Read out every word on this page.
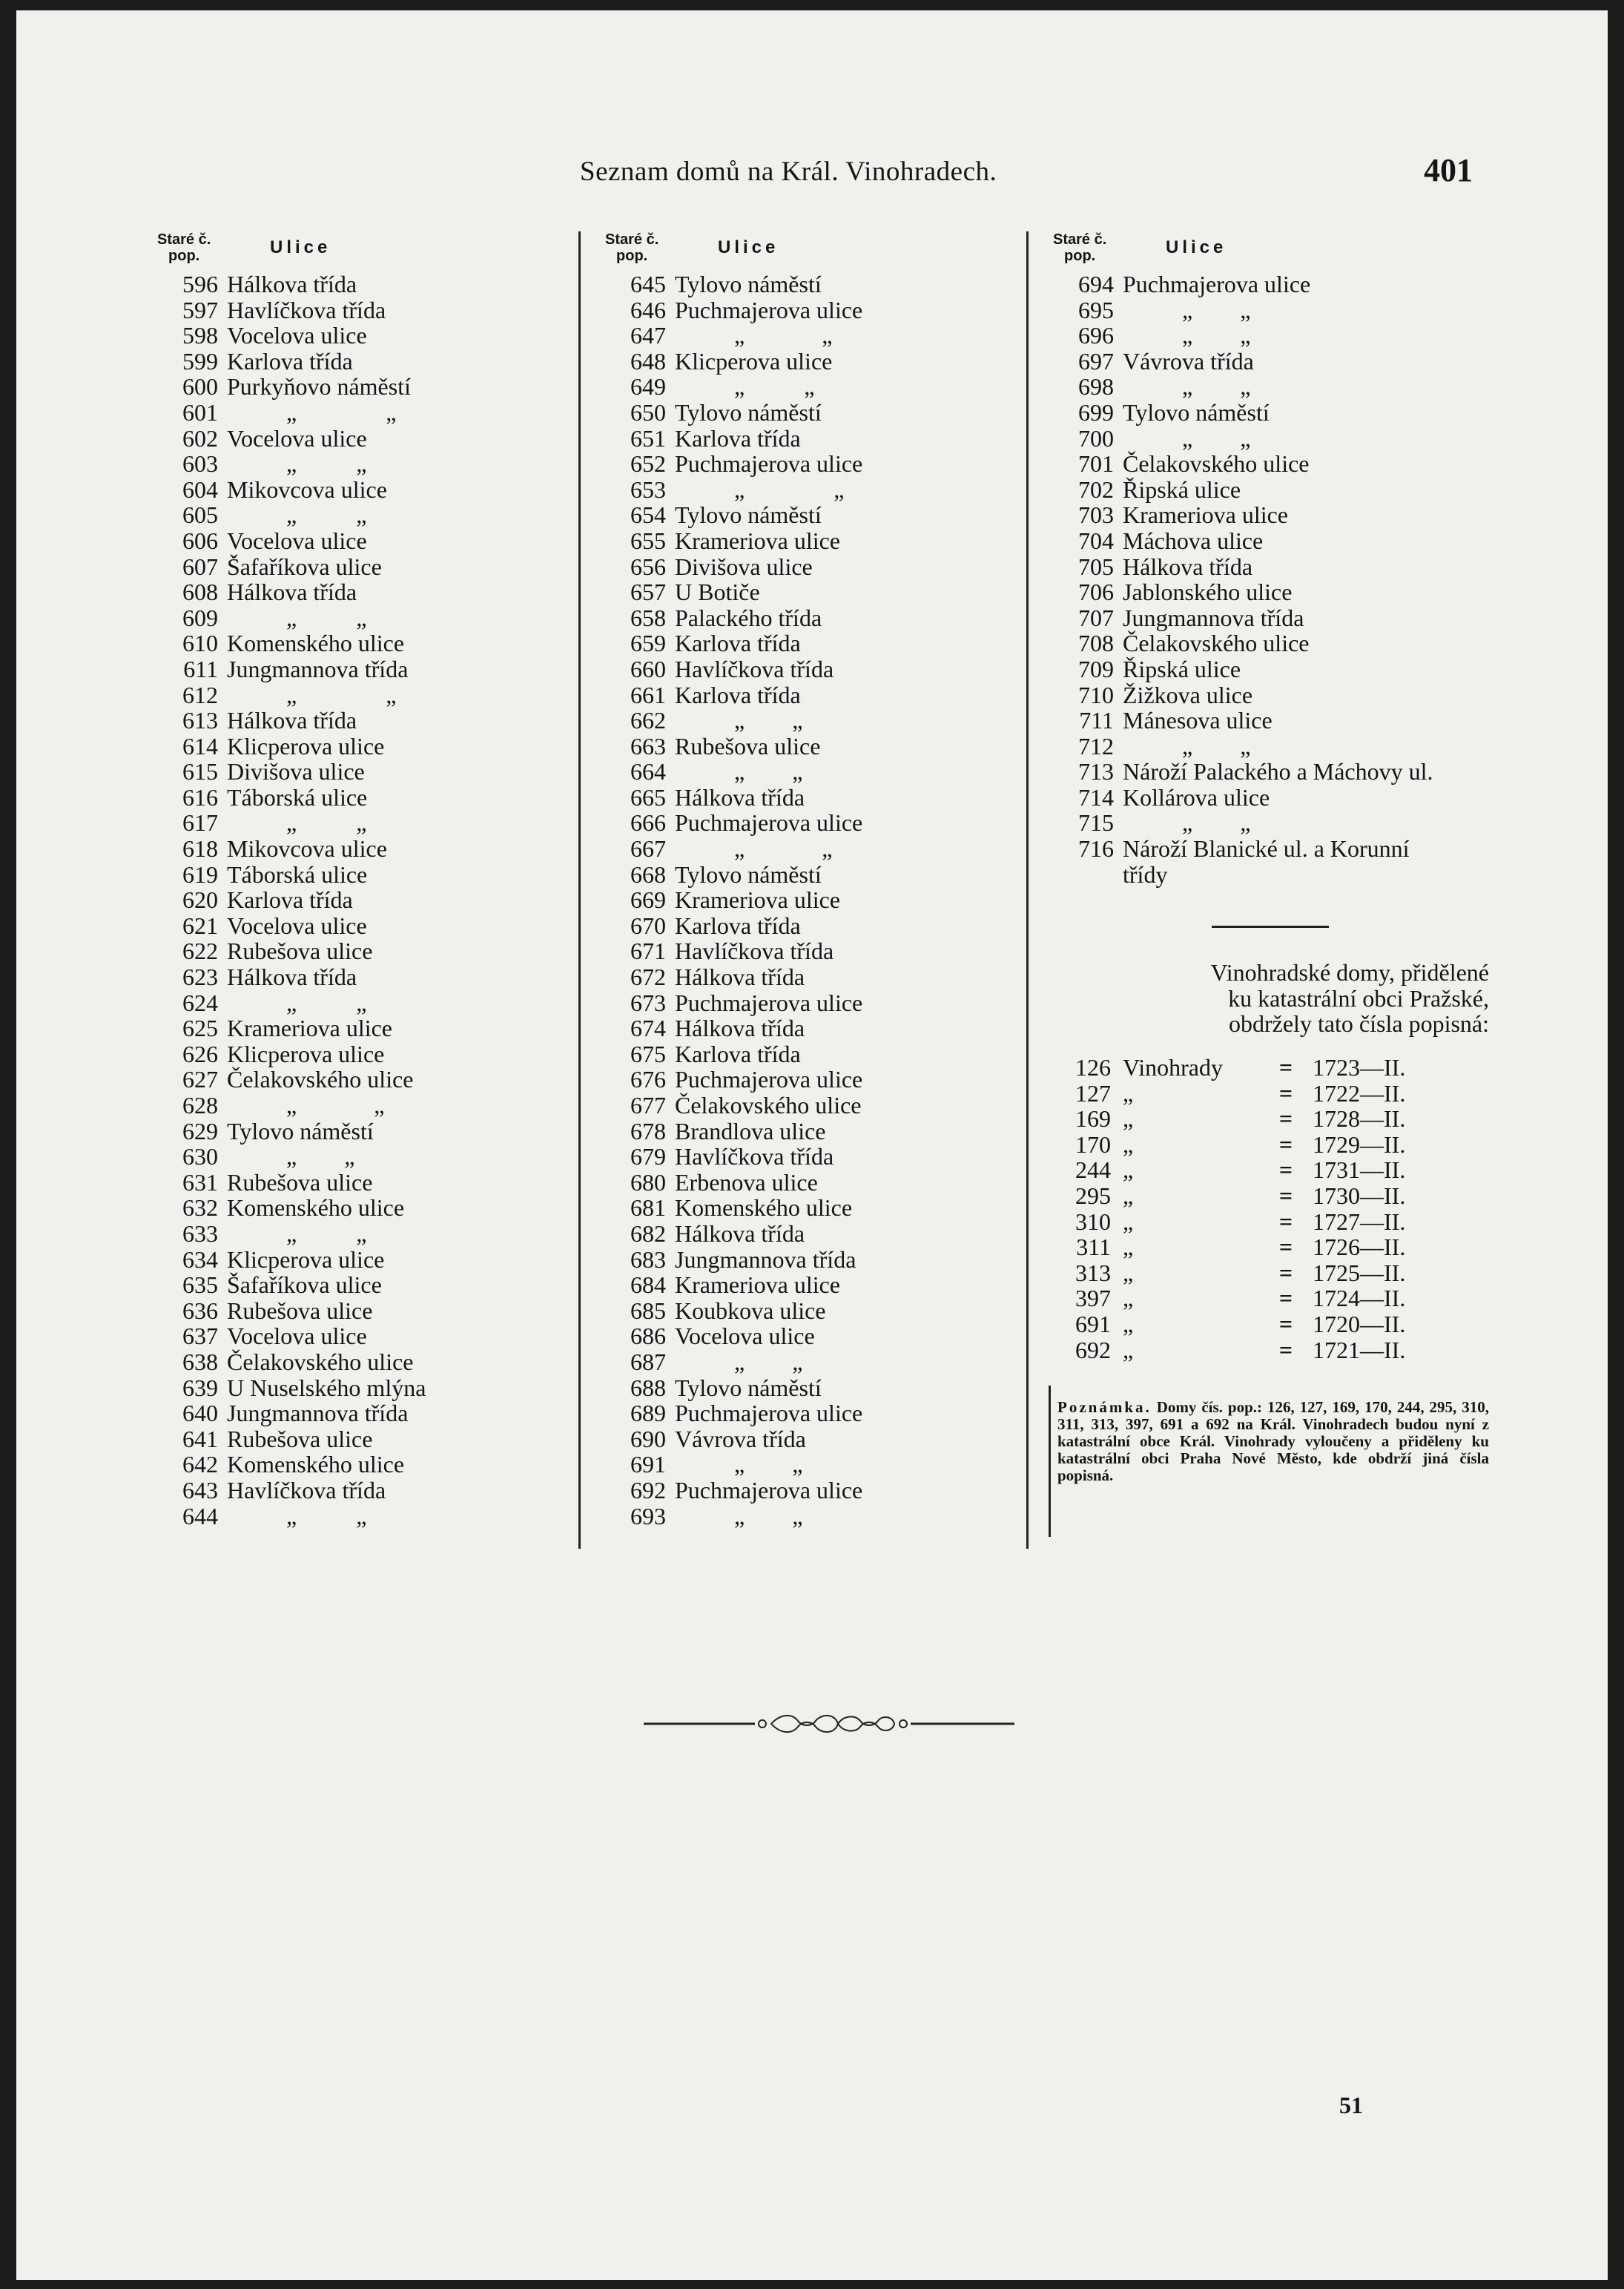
Seznam domů na Král. Vinohradech.	401
Staré č.
pop.	Ulice
596 Hálkova třída
597 Havlíčkova třída
598 Vocelova ulice
599 Karlova třída
600 Purkyňovo náměstí
601 „               „
602 Vocelova ulice
603 „          „
604 Mikovcova ulice
605 „          „
606 Vocelova ulice
607 Šafaříkova ulice
608 Hálkova třída
609 „          „
610 Komenského ulice
611 Jungmannova třída
612 „               „
613 Hálkova třída
614 Klicperova ulice
615 Divišova ulice
616 Táborská ulice
617 „          „
618 Mikovcova ulice
619 Táborská ulice
620 Karlova třída
621 Vocelova ulice
622 Rubešova ulice
623 Hálkova třída
624 „          „
625 Krameriova ulice
626 Klicperova ulice
627 Čelakovského ulice
628 „             „
629 Tylovo náměstí
630 „        „
631 Rubešova ulice
632 Komenského ulice
633 „          „
634 Klicperova ulice
635 Šafaříkova ulice
636 Rubešova ulice
637 Vocelova ulice
638 Čelakovského ulice
639 U Nuselského mlýna
640 Jungmannova třída
641 Rubešova ulice
642 Komenského ulice
643 Havlíčkova třída
644 „          „
Staré č.
pop.	Ulice
645 Tylovo náměstí
646 Puchmajerova ulice
647 „             „
648 Klicperova ulice
649 „          „
650 Tylovo náměstí
651 Karlova třída
652 Puchmajerova ulice
653 „               „
654 Tylovo náměstí
655 Krameriova ulice
656 Divišova ulice
657 U Botiče
658 Palackého třída
659 Karlova třída
660 Havlíčkova třída
661 Karlova třída
662 „        „
663 Rubešova ulice
664 „        „
665 Hálkova třída
666 Puchmajerova ulice
667 „             „
668 Tylovo náměstí
669 Krameriova ulice
670 Karlova třída
671 Havlíčkova třída
672 Hálkova třída
673 Puchmajerova ulice
674 Hálkova třída
675 Karlova třída
676 Puchmajerova ulice
677 Čelakovského ulice
678 Brandlova ulice
679 Havlíčkova třída
680 Erbenova ulice
681 Komenského ulice
682 Hálkova třída
683 Jungmannova třída
684 Krameriova ulice
685 Koubkova ulice
686 Vocelova ulice
687 „        „
688 Tylovo náměstí
689 Puchmajerova ulice
690 Vávrova třída
691 „        „
692 Puchmajerova ulice
693 „        „
Staré č.
pop.	Ulice
694 Puchmajerova ulice
695 „        „
696 „        „
697 Vávrova třída
698 „        „
699 Tylovo náměstí
700 „        „
701 Čelakovského ulice
702 Řipská ulice
703 Krameriova ulice
704 Máchova ulice
705 Hálkova třída
706 Jablonského ulice
707 Jungmannova třída
708 Čelakovského ulice
709 Řipská ulice
710 Žižkova ulice
711 Mánesova ulice
712 „        „
713 Nároží Palackého a Máchovy ul.
714 Kollárova ulice
715 „        „
716 Nároží Blanické ul. a Korunní
třídy

Vinohradské domy, přidělené

ku katastrální obci Pražské,

obdržely tato čísla popisná:

126 Vinohrady	= 1723—II.
127 „	= 1722—II.
169 „	= 1728—II.
170 „	= 1729—II.
244 „	= 1731—II.
295 „	= 1730—II.
310 „	= 1727—II.
311 „	= 1726—II.
313 „	= 1725—II.
397 „	= 1724—II.
691 „	= 1720—II.
692 „	= 1721—II.
Poznámka. Domy čís. pop.: 126, 127, 169, 170, 244, 295, 310, 311, 313, 397, 691 a 692 na Král. Vinohradech budou nyní z katastrální obce Král. Vinohrady vyloučeny a přiděleny ku katastrální obci Praha Nové Město, kde obdrží jiná čísla popisná.
51
